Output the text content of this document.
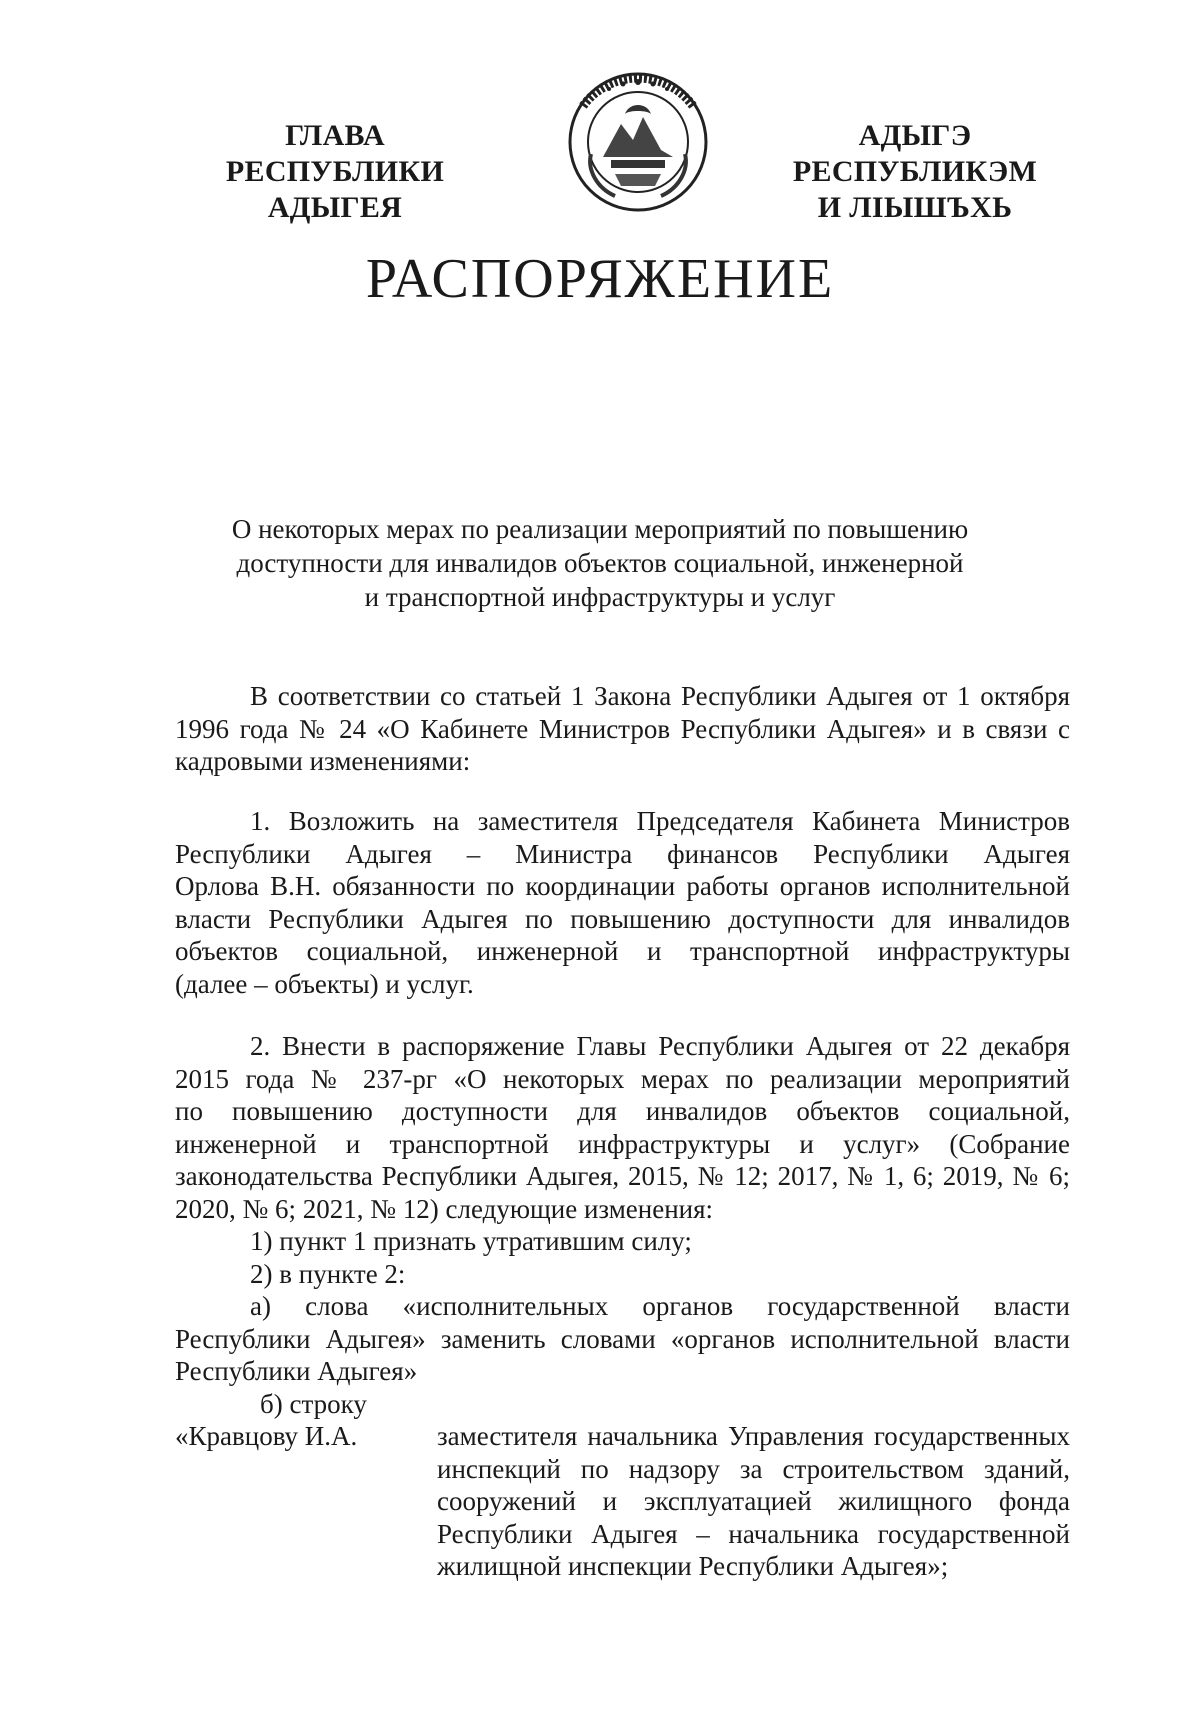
ГЛАВА
РЕСПУБЛИКИ АДЫГЕЯ
АДЫГЭ РЕСПУБЛИКЭМ
И ЛІЫШЪХЬ
РАСПОРЯЖЕНИЕ
О некоторых мерах по реализации мероприятий по повышению
доступности для инвалидов объектов социальной, инженерной
и транспортной инфраструктуры и услуг
В соответствии со статьей 1 Закона Республики Адыгея от 1 октября
1996 года № 24 «О Кабинете Министров Республики Адыгея» и в связи с
кадровыми изменениями:
1. Возложить на заместителя Председателя Кабинета Министров
Республики Адыгея – Министра финансов Республики Адыгея
Орлова В.Н. обязанности по координации работы органов исполнительной
власти Республики Адыгея по повышению доступности для инвалидов
объектов социальной, инженерной и транспортной инфраструктуры
(далее – объекты) и услуг.
2. Внести в распоряжение Главы Республики Адыгея от 22 декабря
2015 года № 237-рг «О некоторых мерах по реализации мероприятий
по повышению доступности для инвалидов объектов социальной,
инженерной и транспортной инфраструктуры и услуг» (Собрание
законодательства Республики Адыгея, 2015, № 12; 2017, № 1, 6; 2019, № 6;
2020, № 6; 2021, № 12) следующие изменения:
1) пункт 1 признать утратившим силу;
2) в пункте 2:
а) слова «исполнительных органов государственной власти
Республики Адыгея» заменить словами «органов исполнительной власти
Республики Адыгея»
б) строку
«Кравцову И.А.	заместителя начальника Управления государственных
инспекций по надзору за строительством зданий,
сооружений и эксплуатацией жилищного фонда
Республики Адыгея – начальника государственной
жилищной инспекции Республики Адыгея»;
